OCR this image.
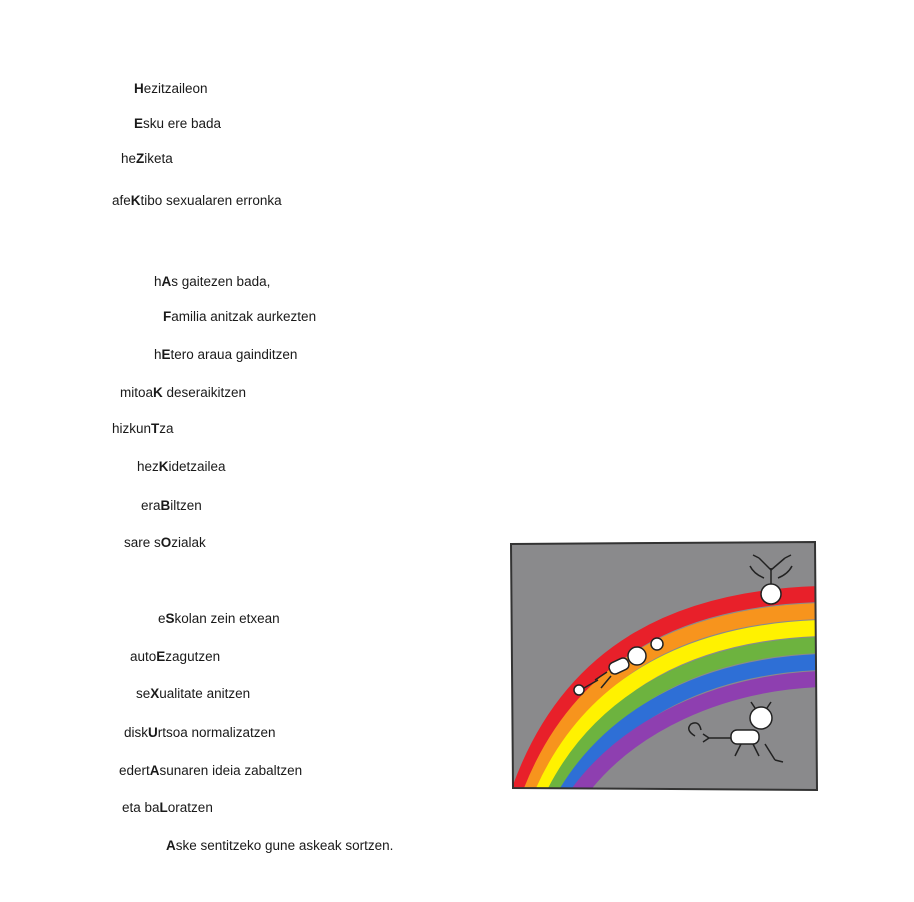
Hezitzaileon
Esku ere bada
heZiketa
afeKtibo sexualaren erronka
hAs gaitezen bada,
Familia anitzak aurkezten
hEtero araua gainditzen
mitoaK deseraikitzen
hizkunTza
hezKidetzailea
eraBiltzen
sare sOzialak
eSkolan zein etxean
autoEzagutzen
seXualitate anitzen
diskUrtsoa normalizatzen
edertAsunaren ideia zabaltzen
eta baLoratzen
Aske sentitzeko gune askeak sortzen.
